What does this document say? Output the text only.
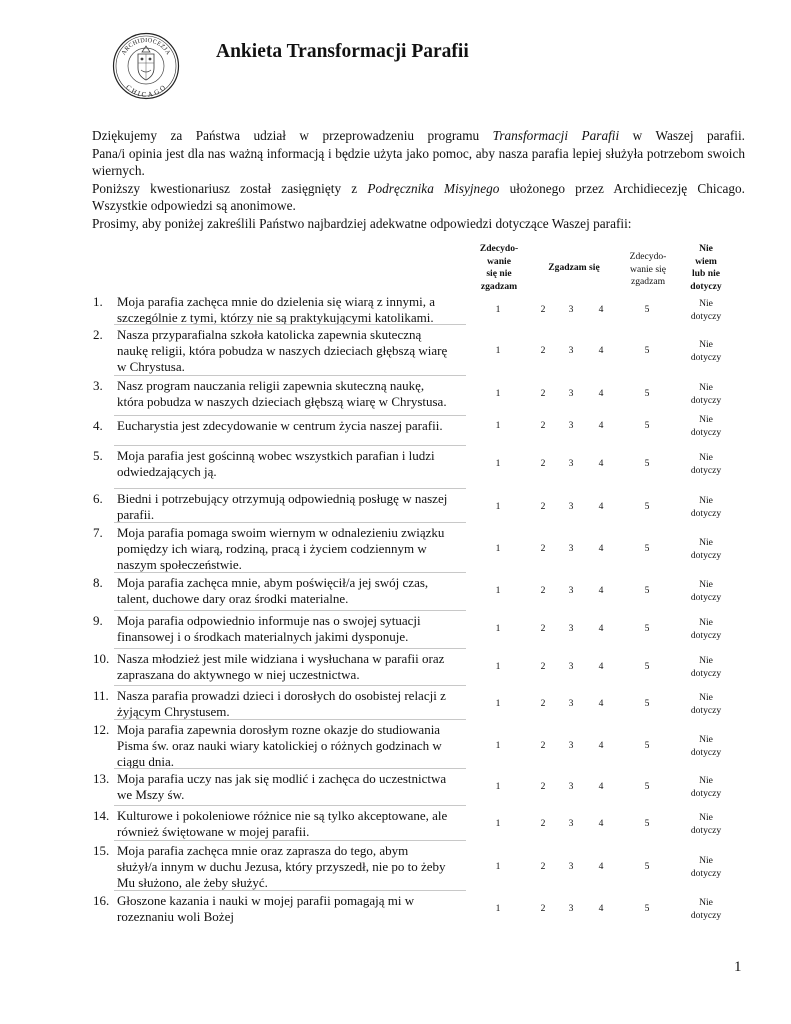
ARCHIDIOCEZJA
CHICAGO
Ankieta Transformacji Parafii

Dziękujemy za Państwa udział w przeprowadzeniu programu Transformacji Parafii w Waszej parafii.

Pana/i opinia jest dla nas ważną informacją i będzie użyta jako pomoc, aby nasza parafia lepiej służyła potrzebom swoich wiernych.

Poniższy kwestionariusz został zasięgnięty z Podręcznika Misyjnego ułożonego przez Archidiecezję Chicago.

Wszystkie odpowiedzi są anonimowe.

Prosimy, aby poniżej zakreślili Państwo najbardziej adekwatne odpowiedzi dotyczące Waszej parafii:

Zdecydo-
wanie
się nie
zgadzam
Zgadzam się
Zdecydo-
wanie się
zgadzam
Nie
wiem
lub nie
dotyczy
1.	Moja parafia zachęca mnie do dzielenia się wiarą z innymi, a
szczególnie z tymi, którzy nie są praktykującymi katolikami.
1	2	3	4	5
Nie
dotyczy
2.	Nasza przyparafialna szkoła katolicka zapewnia skuteczną
naukę religii, która pobudza w naszych dzieciach głębszą wiarę
w Chrystusa.
1	2	3	4	5
Nie
dotyczy
3.	Nasz program nauczania religii zapewnia skuteczną naukę,
która pobudza w naszych dzieciach głębszą wiarę w Chrystusa.
1	2	3	4	5
Nie
dotyczy
4.	Eucharystia jest zdecydowanie w centrum życia naszej parafii.	1	2	3	4	5
Nie
dotyczy
5.	Moja parafia jest gościnną wobec wszystkich parafian i ludzi
odwiedzających ją.
1	2	3	4	5
Nie
dotyczy
6.	Biedni i potrzebujący otrzymują odpowiednią posługę w naszej
parafii.
1	2	3	4	5
Nie
dotyczy
7.	Moja parafia pomaga swoim wiernym w odnalezieniu związku
pomiędzy ich wiarą, rodziną, pracą i życiem codziennym w
naszym społeczeństwie.
1	2	3	4	5
Nie
dotyczy
8.	Moja parafia zachęca mnie, abym poświęcił/a jej swój czas,
talent, duchowe dary oraz środki materialne.
1	2	3	4	5
Nie
dotyczy
9.	Moja parafia odpowiednio informuje nas o swojej sytuacji
finansowej i o środkach materialnych jakimi dysponuje.
1	2	3	4	5
Nie
dotyczy
10. Nasza młodzież jest mile widziana i wysłuchana w parafii oraz
zapraszana do aktywnego w niej uczestnictwa.
1	2	3	4	5
Nie
dotyczy
11. Nasza parafia prowadzi dzieci i dorosłych do osobistej relacji z
żyjącym Chrystusem.
1	2	3	4	5
Nie
dotyczy
12. Moja parafia zapewnia dorosłym rozne okazje do studiowania
Pisma św. oraz nauki wiary katolickiej o różnych godzinach w
ciągu dnia.
1	2	3	4	5
Nie
dotyczy
13. Moja parafia uczy nas jak się modlić i zachęca do uczestnictwa
we Mszy św.
1	2	3	4	5
Nie
dotyczy
14. Kulturowe i pokoleniowe różnice nie są tylko akceptowane, ale
również świętowane w mojej parafii.
1	2	3	4	5
Nie
dotyczy
15. Moja parafia zachęca mnie oraz zaprasza do tego, abym
służył/a innym w duchu Jezusa, który przyszedł, nie po to żeby
Mu służono, ale żeby służyć.
1	2	3	4	5
Nie
dotyczy
16. Głoszone kazania i nauki w mojej parafii pomagają mi w
rozeznaniu woli Bożej
1	2	3	4	5
Nie
dotyczy
1
